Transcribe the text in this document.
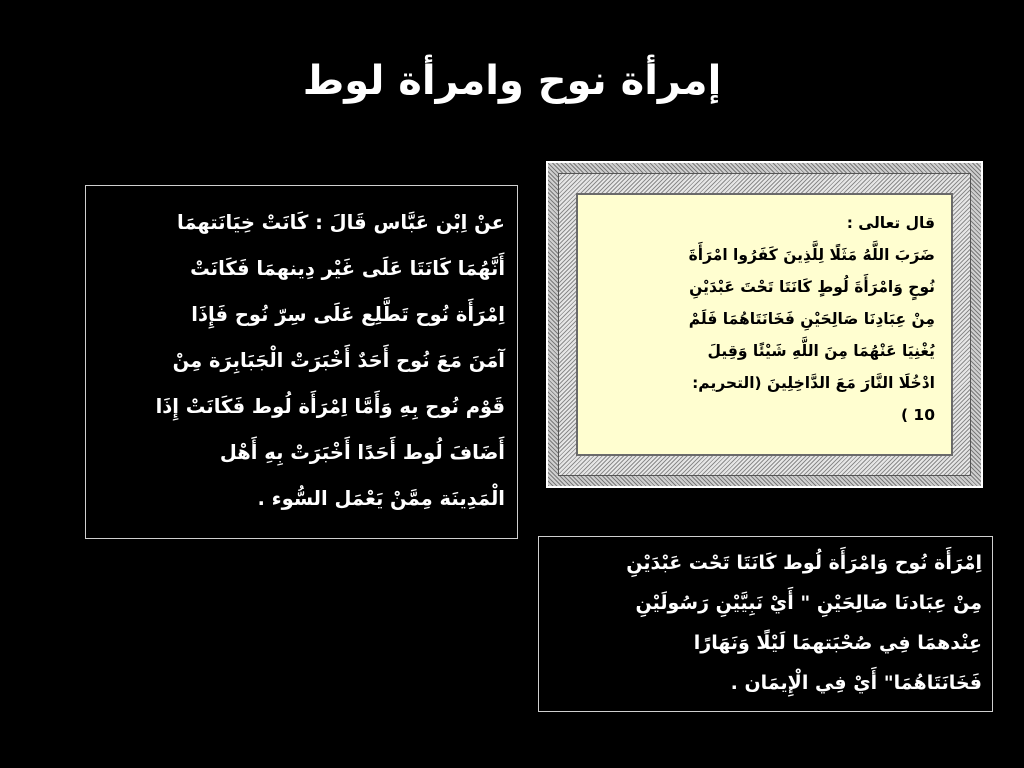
إمرأة نوح وامرأة لوط
عنْ اِبْن عَبَّاس قَالَ : كَانَتْ خِيَانَتهمَا
أَنَّهُمَا كَانَتَا عَلَى غَيْر دِينهمَا فَكَانَتْ
اِمْرَأَة نُوح تَطَّلِع عَلَى سِرّ نُوح فَإِذَا
آمَنَ مَعَ نُوح أَحَدٌ أَخْبَرَتْ الْجَبَابِرَة مِنْ
قَوْم نُوح بِهِ وَأَمَّا اِمْرَأَة لُوط فَكَانَتْ إِذَا
أَضَافَ لُوط أَحَدًا أَخْبَرَتْ بِهِ أَهْل
الْمَدِينَة مِمَّنْ يَعْمَل السُّوء .
قال تعالى :
ضَرَبَ اللَّهُ مَثَلًا لِلَّذِينَ كَفَرُوا امْرَأَةَ
نُوحٍ وَامْرَأَةَ لُوطٍ كَانَتَا تَحْتَ عَبْدَيْنِ
مِنْ عِبَادِنَا صَالِحَيْنِ فَخَانَتَاهُمَا فَلَمْ
يُغْنِيَا عَنْهُمَا مِنَ اللَّهِ شَيْئًا وَقِيلَ
ادْخُلَا النَّارَ مَعَ الدَّاخِلِينَ (التحريم:
10 )
اِمْرَأَة نُوح وَامْرَأَة لُوط كَانَتَا تَحْت عَبْدَيْنِ
مِنْ عِبَادنَا صَالِحَيْنِ " أَيْ نَبِيَّيْنِ رَسُولَيْنِ
عِنْدهمَا فِي صُحْبَتهمَا لَيْلًا وَنَهَارًا
فَخَانَتَاهُمَا" أَيْ فِي الْإِيمَان .
